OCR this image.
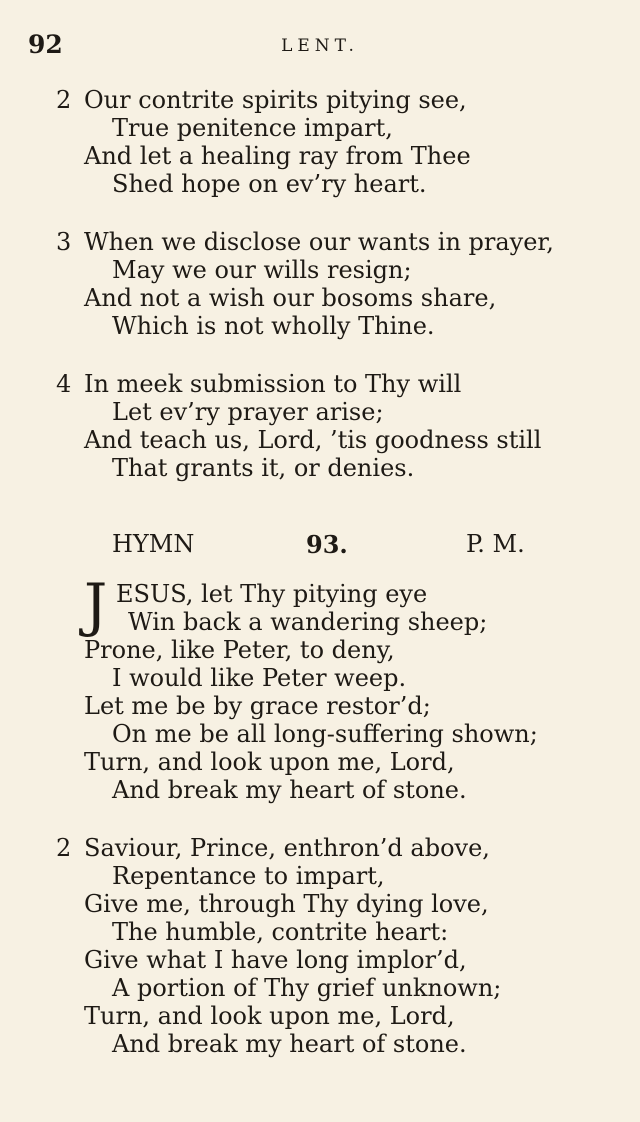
92	LENT.
2 Our contrite spirits pitying see,
True penitence impart,
And let a healing ray from Thee
Shed hope on ev’ry heart.
3 When we disclose our wants in prayer,
May we our wills resign;
And not a wish our bosoms share,
Which is not wholly Thine.
4 In meek submission to Thy will
Let ev’ry prayer arise;
And teach us, Lord, ’tis goodness still
That grants it, or denies.
HYMN	93.	P. M.
J ESUS, let Thy pitying eye
Win back a wandering sheep;
Prone, like Peter, to deny,
I would like Peter weep.
Let me be by grace restor’d;
On me be all long-suffering shown;
Turn, and look upon me, Lord,
And break my heart of stone.
2 Saviour, Prince, enthron’d above,
Repentance to impart,
Give me, through Thy dying love,
The humble, contrite heart:
Give what I have long implor’d,
A portion of Thy grief unknown;
Turn, and look upon me, Lord,
And break my heart of stone.
